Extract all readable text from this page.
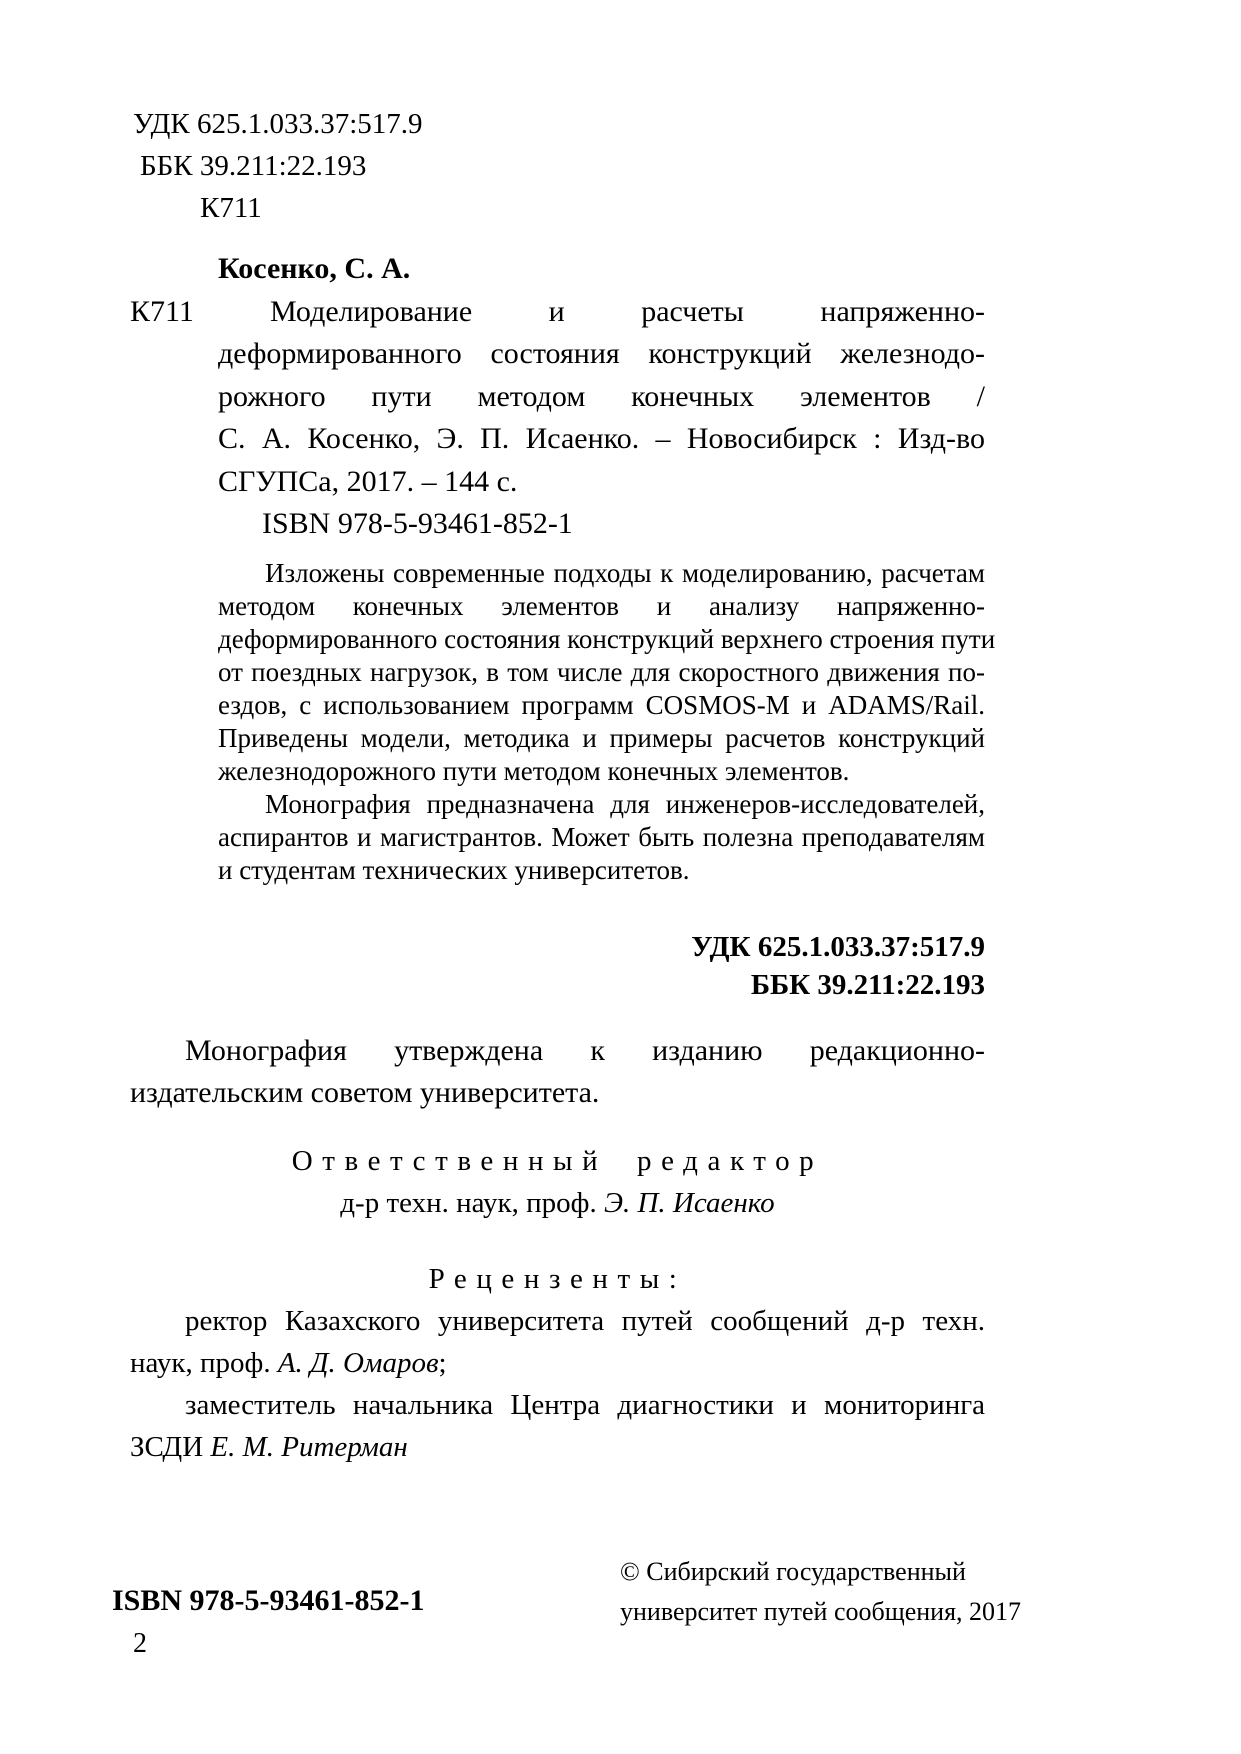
УДК 625.1.033.37:517.9
ББК 39.211:22.193
К711
К711
Косенко, С. А.
Моделирование и расчеты напряженно-
деформированного состояния конструкций железнодо-
рожного пути методом конечных элементов /
С. А. Косенко, Э. П. Исаенко. – Новосибирск : Изд-во
СГУПСа, 2017. – 144 с.
ISBN 978-5-93461-852-1
Изложены современные подходы к моделированию, расчетам
методом конечных элементов и анализу напряженно-
деформированного состояния конструкций верхнего строения пути
от поездных нагрузок, в том числе для скоростного движения по-
ездов, с использованием программ COSMOS-M и ADAMS/Rail.
Приведены модели, методика и примеры расчетов конструкций
железнодорожного пути методом конечных элементов.
Монография предназначена для инженеров-исследователей,
аспирантов и магистрантов. Может быть полезна преподавателям
и студентам технических университетов.
УДК 625.1.033.37:517.9
ББК 39.211:22.193
Монография утверждена к изданию редакционно-
издательским советом университета.
Ответственный редактор
д-р техн. наук, проф. Э. П. Исаенко
Рецензенты:
ректор Казахского университета путей сообщений д-р техн.
наук, проф. А. Д. Омаров;
заместитель начальника Центра диагностики и мониторинга
ЗСДИ Е. М. Ритерман
ISBN 978-5-93461-852-1
© Сибирский государственный
университет путей сообщения, 2017
2
